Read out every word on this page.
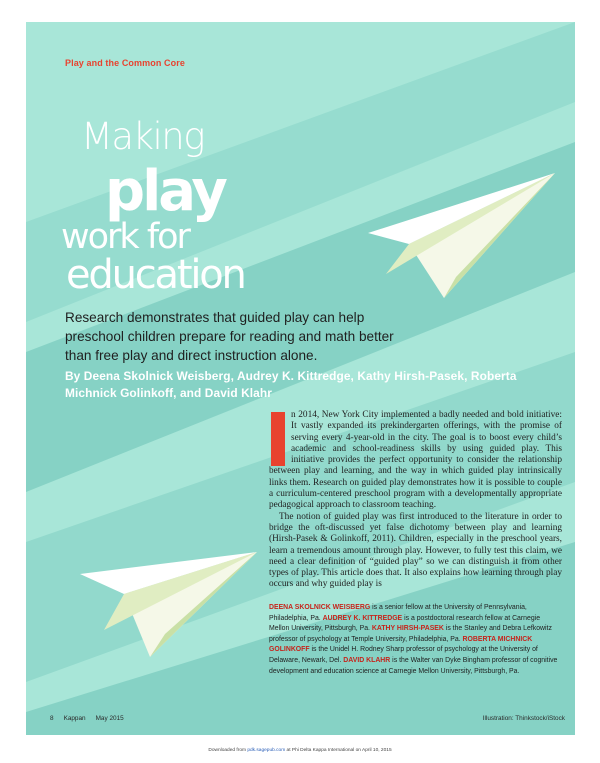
Play and the Common Core
Making
play
work for
education
Research demonstrates that guided play can help preschool children prepare for reading and math better than free play and direct instruction alone.
By Deena Skolnick Weisberg, Audrey K. Kittredge, Kathy Hirsh-Pasek, Roberta Michnick Golinkoff, and David Klahr

n 2014, New York City implemented a badly needed and bold initiative: It vastly expanded its prekindergarten offerings, with the promise of serving every 4-year-old in the city. The goal is to boost every child’s academic and school-readiness skills by using guided play. This initiative provides the perfect opportunity to consider the relationship between play and learning, and the way in which guided play intrinsically links them. Research on guided play demonstrates how it is possible to couple a curriculum-centered preschool program with a developmentally appropriate pedagogical approach to classroom teaching.

The notion of guided play was first introduced to the literature in order to bridge the oft-discussed yet false dichotomy between play and learning (Hirsh-Pasek & Golinkoff, 2011). Children, especially in the preschool years, learn a tremendous amount through play. However, to fully test this claim, we need a clear definition of “guided play” so we can distinguish it from other types of play. This article does that. It also explains how learning through play occurs and why guided play is

DEENA SKOLNICK WEISBERG is a senior fellow at the University of Pennsylvania, Philadelphia, Pa. AUDREY K. KITTREDGE is a postdoctoral research fellow at Carnegie Mellon University, Pittsburgh, Pa. KATHY HIRSH-PASEK is the Stanley and Debra Lefkowitz professor of psychology at Temple University, Philadelphia, Pa. ROBERTA MICHNICK GOLINKOFF is the Unidel H. Rodney Sharp professor of psychology at the University of Delaware, Newark, Del. DAVID KLAHR is the Walter van Dyke Bingham professor of cognitive development and education science at Carnegie Mellon University, Pittsburgh, Pa.
8 Kappan May 2015	Illustration: Thinkstock/iStock
Downloaded from pdk.sagepub.com at Phi Delta Kappa International on April 10, 2015
